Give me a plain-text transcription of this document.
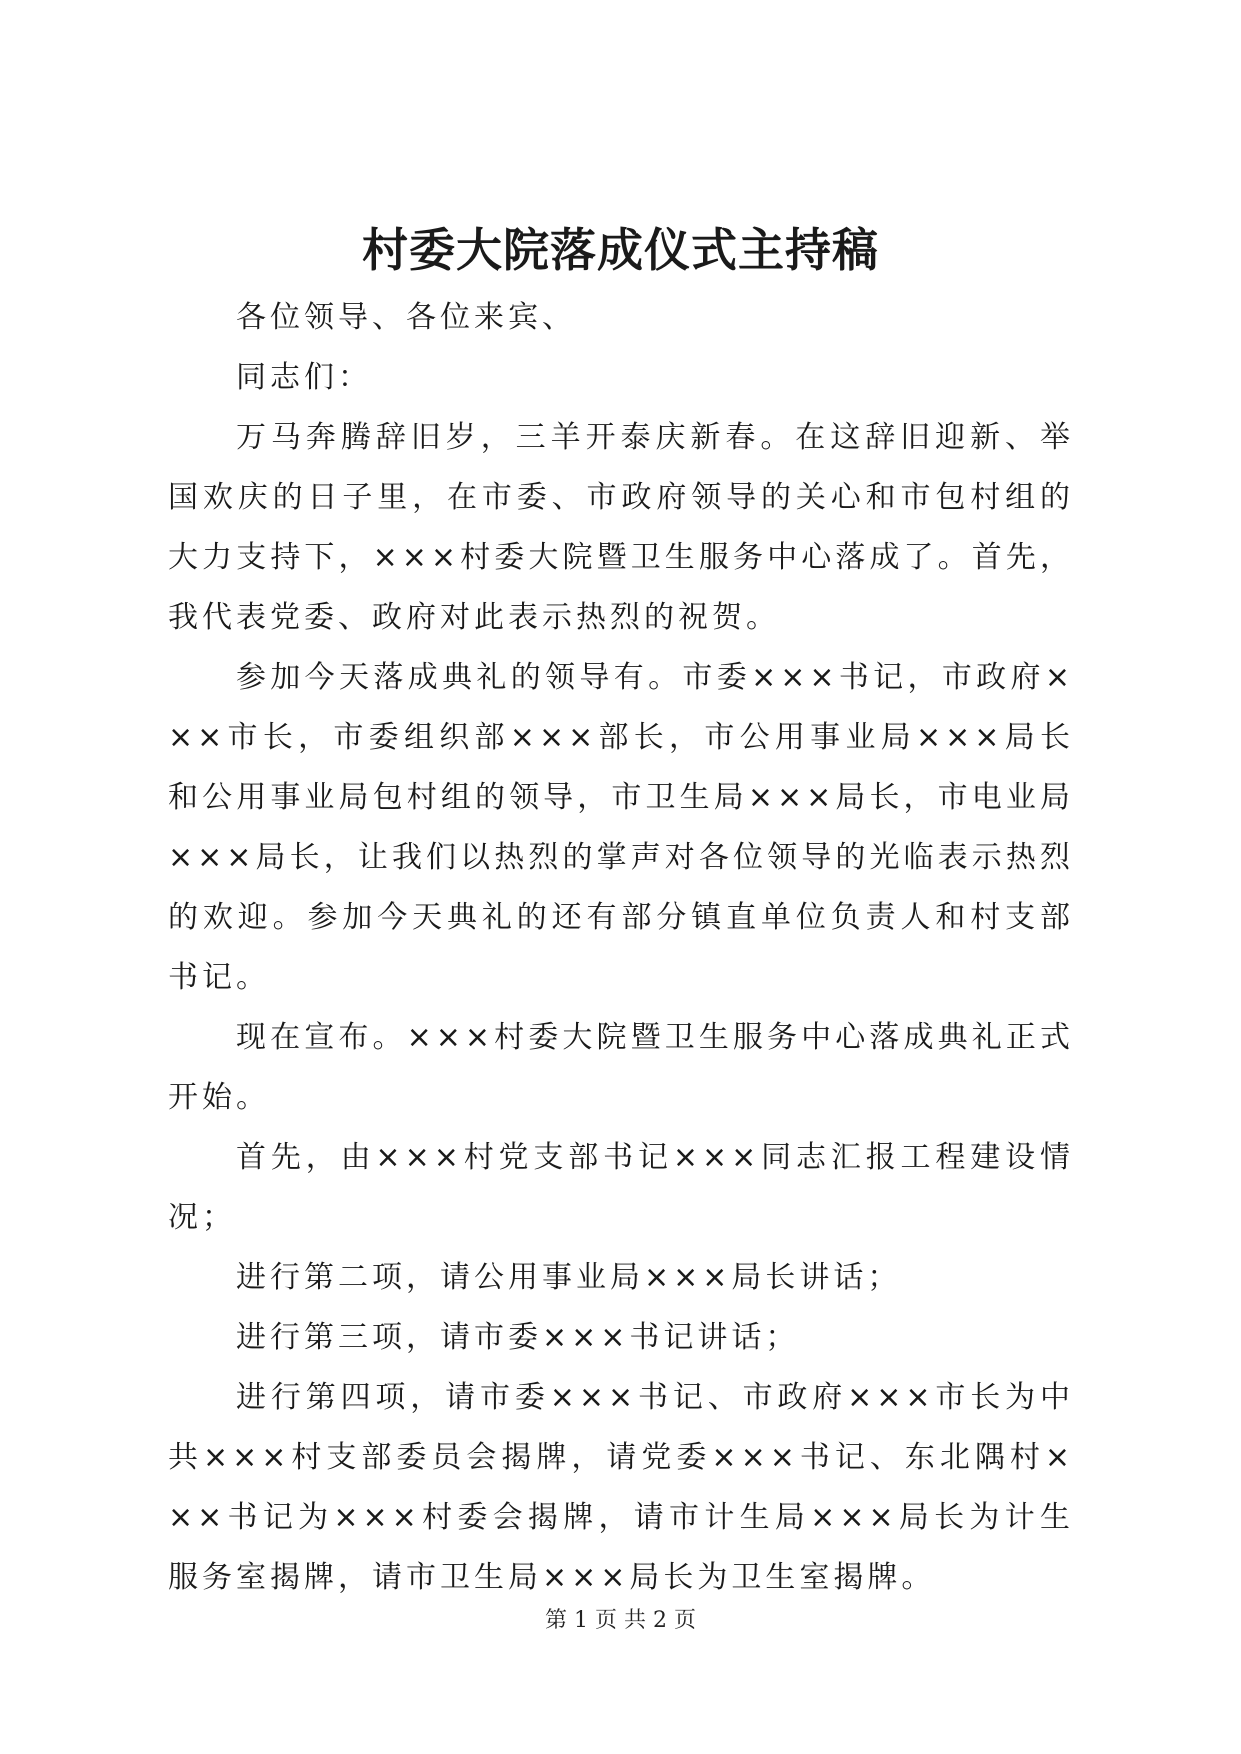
村委大院落成仪式主持稿

各位领导、各位来宾、

同志们：

万马奔腾辞旧岁，三羊开泰庆新春。在这辞旧迎新、举国欢庆的日子里，在市委、市政府领导的关心和市包村组的大力支持下，×××村委大院暨卫生服务中心落成了。首先，我代表党委、政府对此表示热烈的祝贺。

参加今天落成典礼的领导有。市委×××书记，市政府×××市长，市委组织部×××部长，市公用事业局×××局长和公用事业局包村组的领导，市卫生局×××局长，市电业局×××局长，让我们以热烈的掌声对各位领导的光临表示热烈的欢迎。参加今天典礼的还有部分镇直单位负责人和村支部书记。

现在宣布。×××村委大院暨卫生服务中心落成典礼正式开始。

首先，由×××村党支部书记×××同志汇报工程建设情况；

进行第二项，请公用事业局×××局长讲话；

进行第三项，请市委×××书记讲话；

进行第四项，请市委×××书记、市政府×××市长为中共×××村支部委员会揭牌，请党委×××书记、东北隅村×××书记为×××村委会揭牌，请市计生局×××局长为计生服务室揭牌，请市卫生局×××局长为卫生室揭牌。

第 1 页 共 2 页
